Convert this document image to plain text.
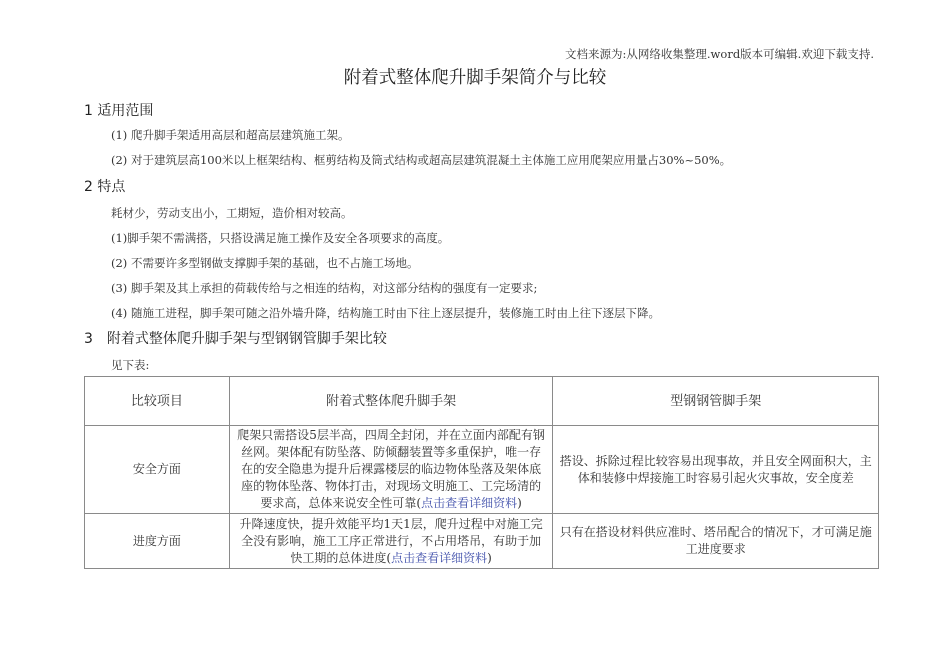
文档来源为:从网络收集整理.word版本可编辑.欢迎下载支持.
附着式整体爬升脚手架简介与比较
1 适用范围
(1) 爬升脚手架适用高层和超高层建筑施工架。
(2) 对于建筑层高100米以上框架结构、框剪结构及筒式结构或超高层建筑混凝土主体施工应用爬架应用量占30%~50%。
2 特点
耗材少，劳动支出小，工期短，造价相对较高。
(1)脚手架不需满搭，只搭设满足施工操作及安全各项要求的高度。
(2) 不需要许多型钢做支撑脚手架的基础，也不占施工场地。
(3) 脚手架及其上承担的荷载传给与之相连的结构，对这部分结构的强度有一定要求;
(4) 随施工进程，脚手架可随之沿外墙升降，结构施工时由下往上逐层提升，装修施工时由上往下逐层下降。
3　附着式整体爬升脚手架与型钢钢管脚手架比较
见下表:
比较项目	附着式整体爬升脚手架	型钢钢管脚手架
安全方面	爬架只需搭设5层半高，四周全封闭，并在立面内部配有钢丝网。架体配有防坠落、防倾翻装置等多重保护，唯一存在的安全隐患为提升后裸露楼层的临边物体坠落及架体底座的物体坠落、物体打击，对现场文明施工、工完场清的要求高，总体来说安全性可靠(点击查看详细资料)	搭设、拆除过程比较容易出现事故，并且安全网面积大，主体和装修中焊接施工时容易引起火灾事故，安全度差
进度方面	升降速度快，提升效能平均1天1层，爬升过程中对施工完全没有影响，施工工序正常进行，不占用塔吊，有助于加快工期的总体进度(点击查看详细资料)	只有在搭设材料供应准时、塔吊配合的情况下，才可满足施工进度要求
